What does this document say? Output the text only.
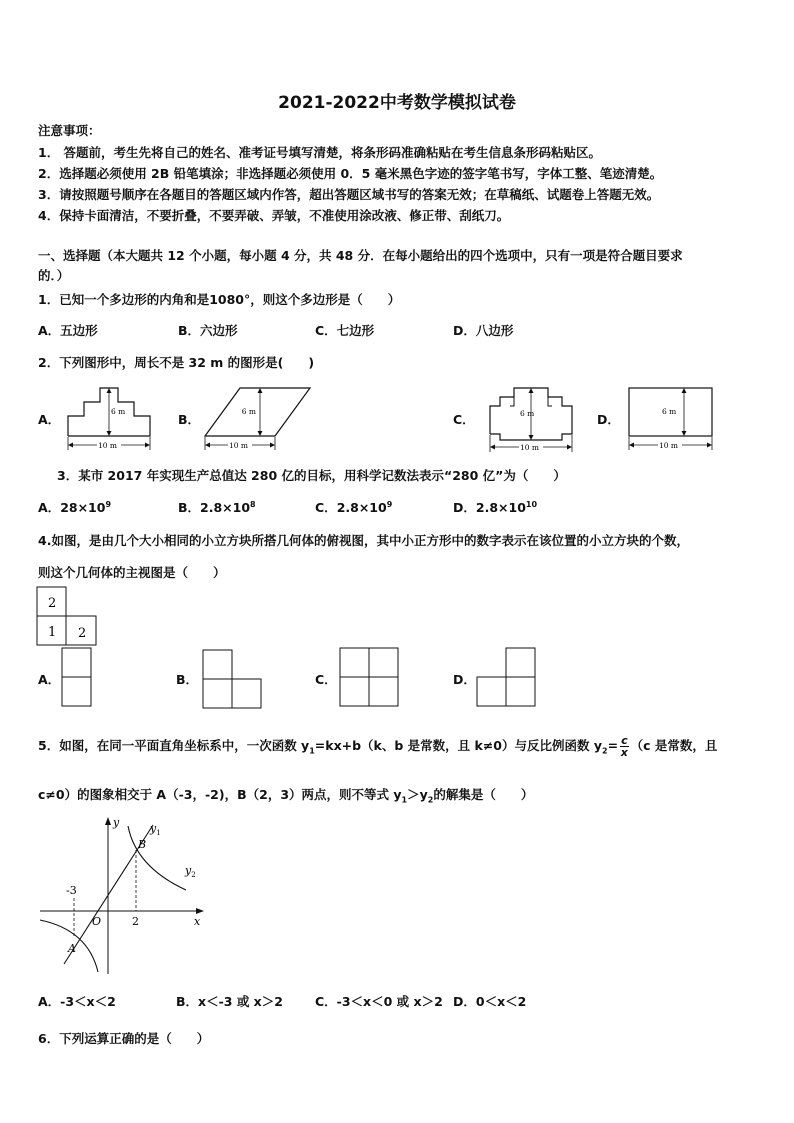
2021-2022中考数学模拟试卷
注意事项：
1． 答题前，考生先将自己的姓名、准考证号填写清楚，将条形码准确粘贴在考生信息条形码粘贴区。
2．选择题必须使用 2B 铅笔填涂；非选择题必须使用 0．5 毫米黑色字迹的签字笔书写，字体工整、笔迹清楚。
3．请按照题号顺序在各题目的答题区域内作答，超出答题区域书写的答案无效；在草稿纸、试题卷上答题无效。
4．保持卡面清洁，不要折叠，不要弄破、弄皱，不准使用涂改液、修正带、刮纸刀。
一、选择题（本大题共 12 个小题，每小题 4 分，共 48 分．在每小题给出的四个选项中，只有一项是符合题目要求
的．）
1．已知一个多边形的内角和是1080°，则这个多边形是（　　）
A．五边形	B．六边形	C．七边形	D．八边形
2．下列图形中，周长不是 32 m 的图形是(　　)
A．	B．	C．	D．
6 m
10 m
6 m
10 m
6 m
10 m
6 m
10 m
3．某市 2017 年实现生产总值达 280 亿的目标，用科学记数法表示“280 亿”为（　　）
A．$28\times 10^9$	B．$2.8\times 10^8$	C．$2.8\times 10^9$	D．$2.8\times 10^{10}$
4.如图，是由几个大小相同的小立方块所搭几何体的俯视图，其中小正方形中的数字表示在该位置的小立方块的个数，
则这个几何体的主视图是（　　）
2
1 2
A．	B．	C．	D．
5．如图，在同一平面直角坐标系中，一次函数 $y_1=kx+b(k$、b 是常数，且 k≠0）与反比例函数 $y_2= \frac{c}{x} (c$ 是常数，且
c≠0）的图象相交于 A（-3，-2)，B（2，3）两点，则不等式 $y_1>y_2$的解集是（　　）
y
x
O
-3
2
A
B
$y_1$
$y_2$
A．-3＜x＜2	B．x＜-3 或 x＞2	C．-3＜x＜0 或 x＞2 D．0＜x＜2
6．下列运算正确的是（　　）
